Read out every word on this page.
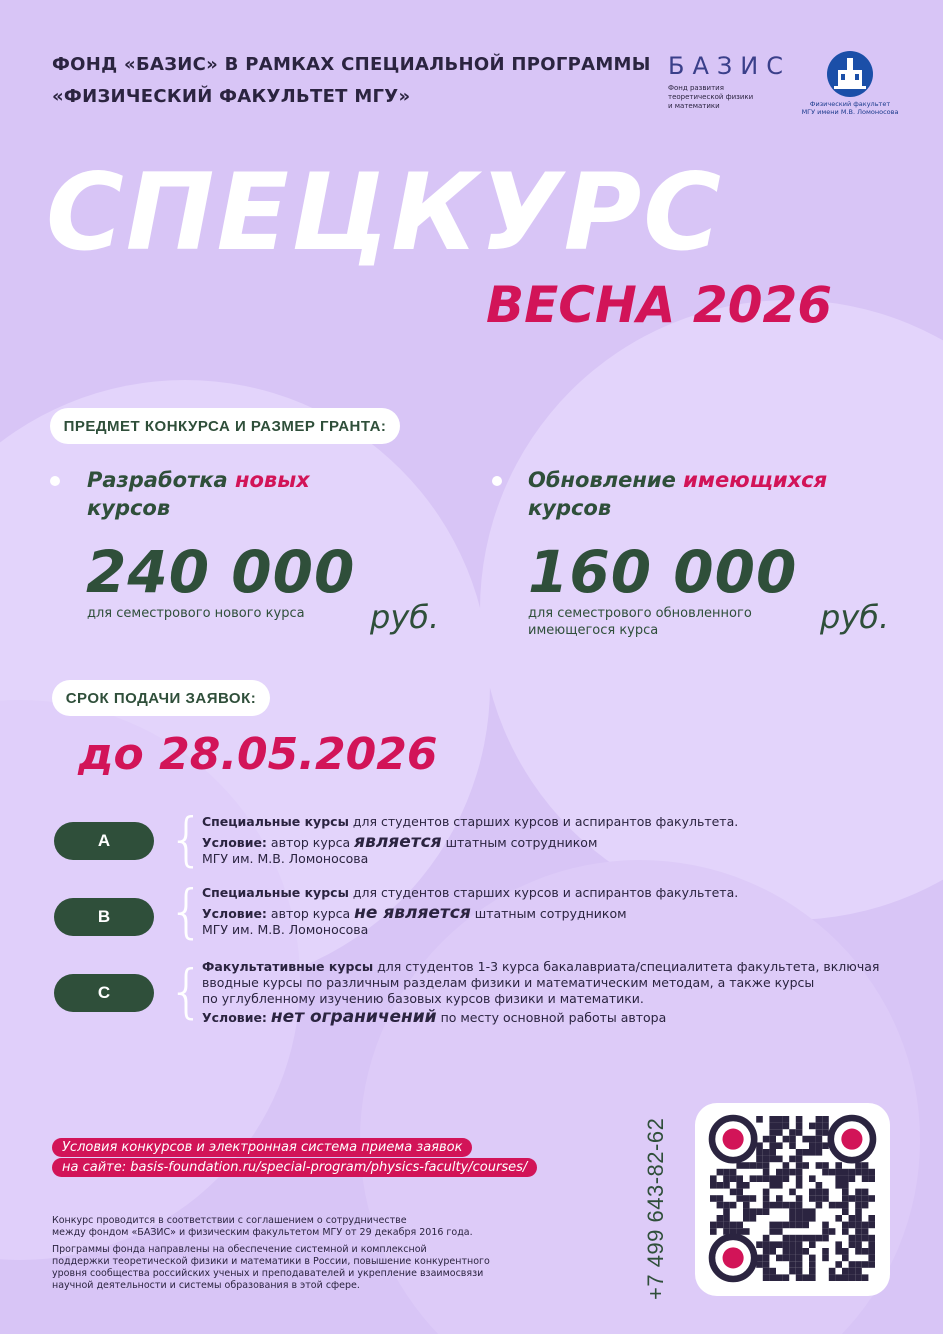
ФОНД «БАЗИС» В РАМКАХ СПЕЦИАЛЬНОЙ ПРОГРАММЫ
«ФИЗИЧЕСКИЙ ФАКУЛЬТЕТ МГУ»
БАЗИС
Фонд развития
теоретической физики
и математики	Физический факультет
МГУ имени М.В. Ломоносова
СПЕЦКУРС
ВЕСНА 2026
ПРЕДМЕТ КОНКУРСА И РАЗМЕР ГРАНТА:
Разработка новых
курсов
240 000
для семестрового нового курса	руб.
Обновление имеющихся
курсов
160 000
для семестрового обновленного имеющегося курса	руб.
СРОК ПОДАЧИ ЗАЯВОК:
до 28.05.2026
A {
Специальные курсы для студентов старших курсов и аспирантов факультета.
Условие: автор курса является штатным сотрудником
МГУ им. М.В. Ломоносова
B {
Специальные курсы для студентов старших курсов и аспирантов факультета.
Условие: автор курса не является штатным сотрудником
МГУ им. М.В. Ломоносова
C {
Факультативные курсы для студентов 1-3 курса бакалавриата/специалитета факультета, включая
вводные курсы по различным разделам физики и математическим методам, а также курсы
по углубленному изучению базовых курсов физики и математики.
Условие: нет ограничений по месту основной работы автора
Условия конкурсов и электронная система приема заявок
на сайте: basis-foundation.ru/special-program/physics-faculty/courses/
Конкурс проводится в соответствии с соглашением о сотрудничестве
между фондом «БАЗИС» и физическим факультетом МГУ от 29 декабря 2016 года.
Программы фонда направлены на обеспечение системной и комплексной
поддержки теоретической физики и математики в России, повышение конкурентного
уровня сообщества российских ученых и преподавателей и укрепление взаимосвязи
научной деятельности и системы образования в этой сфере.	+7 499 643-82-62
